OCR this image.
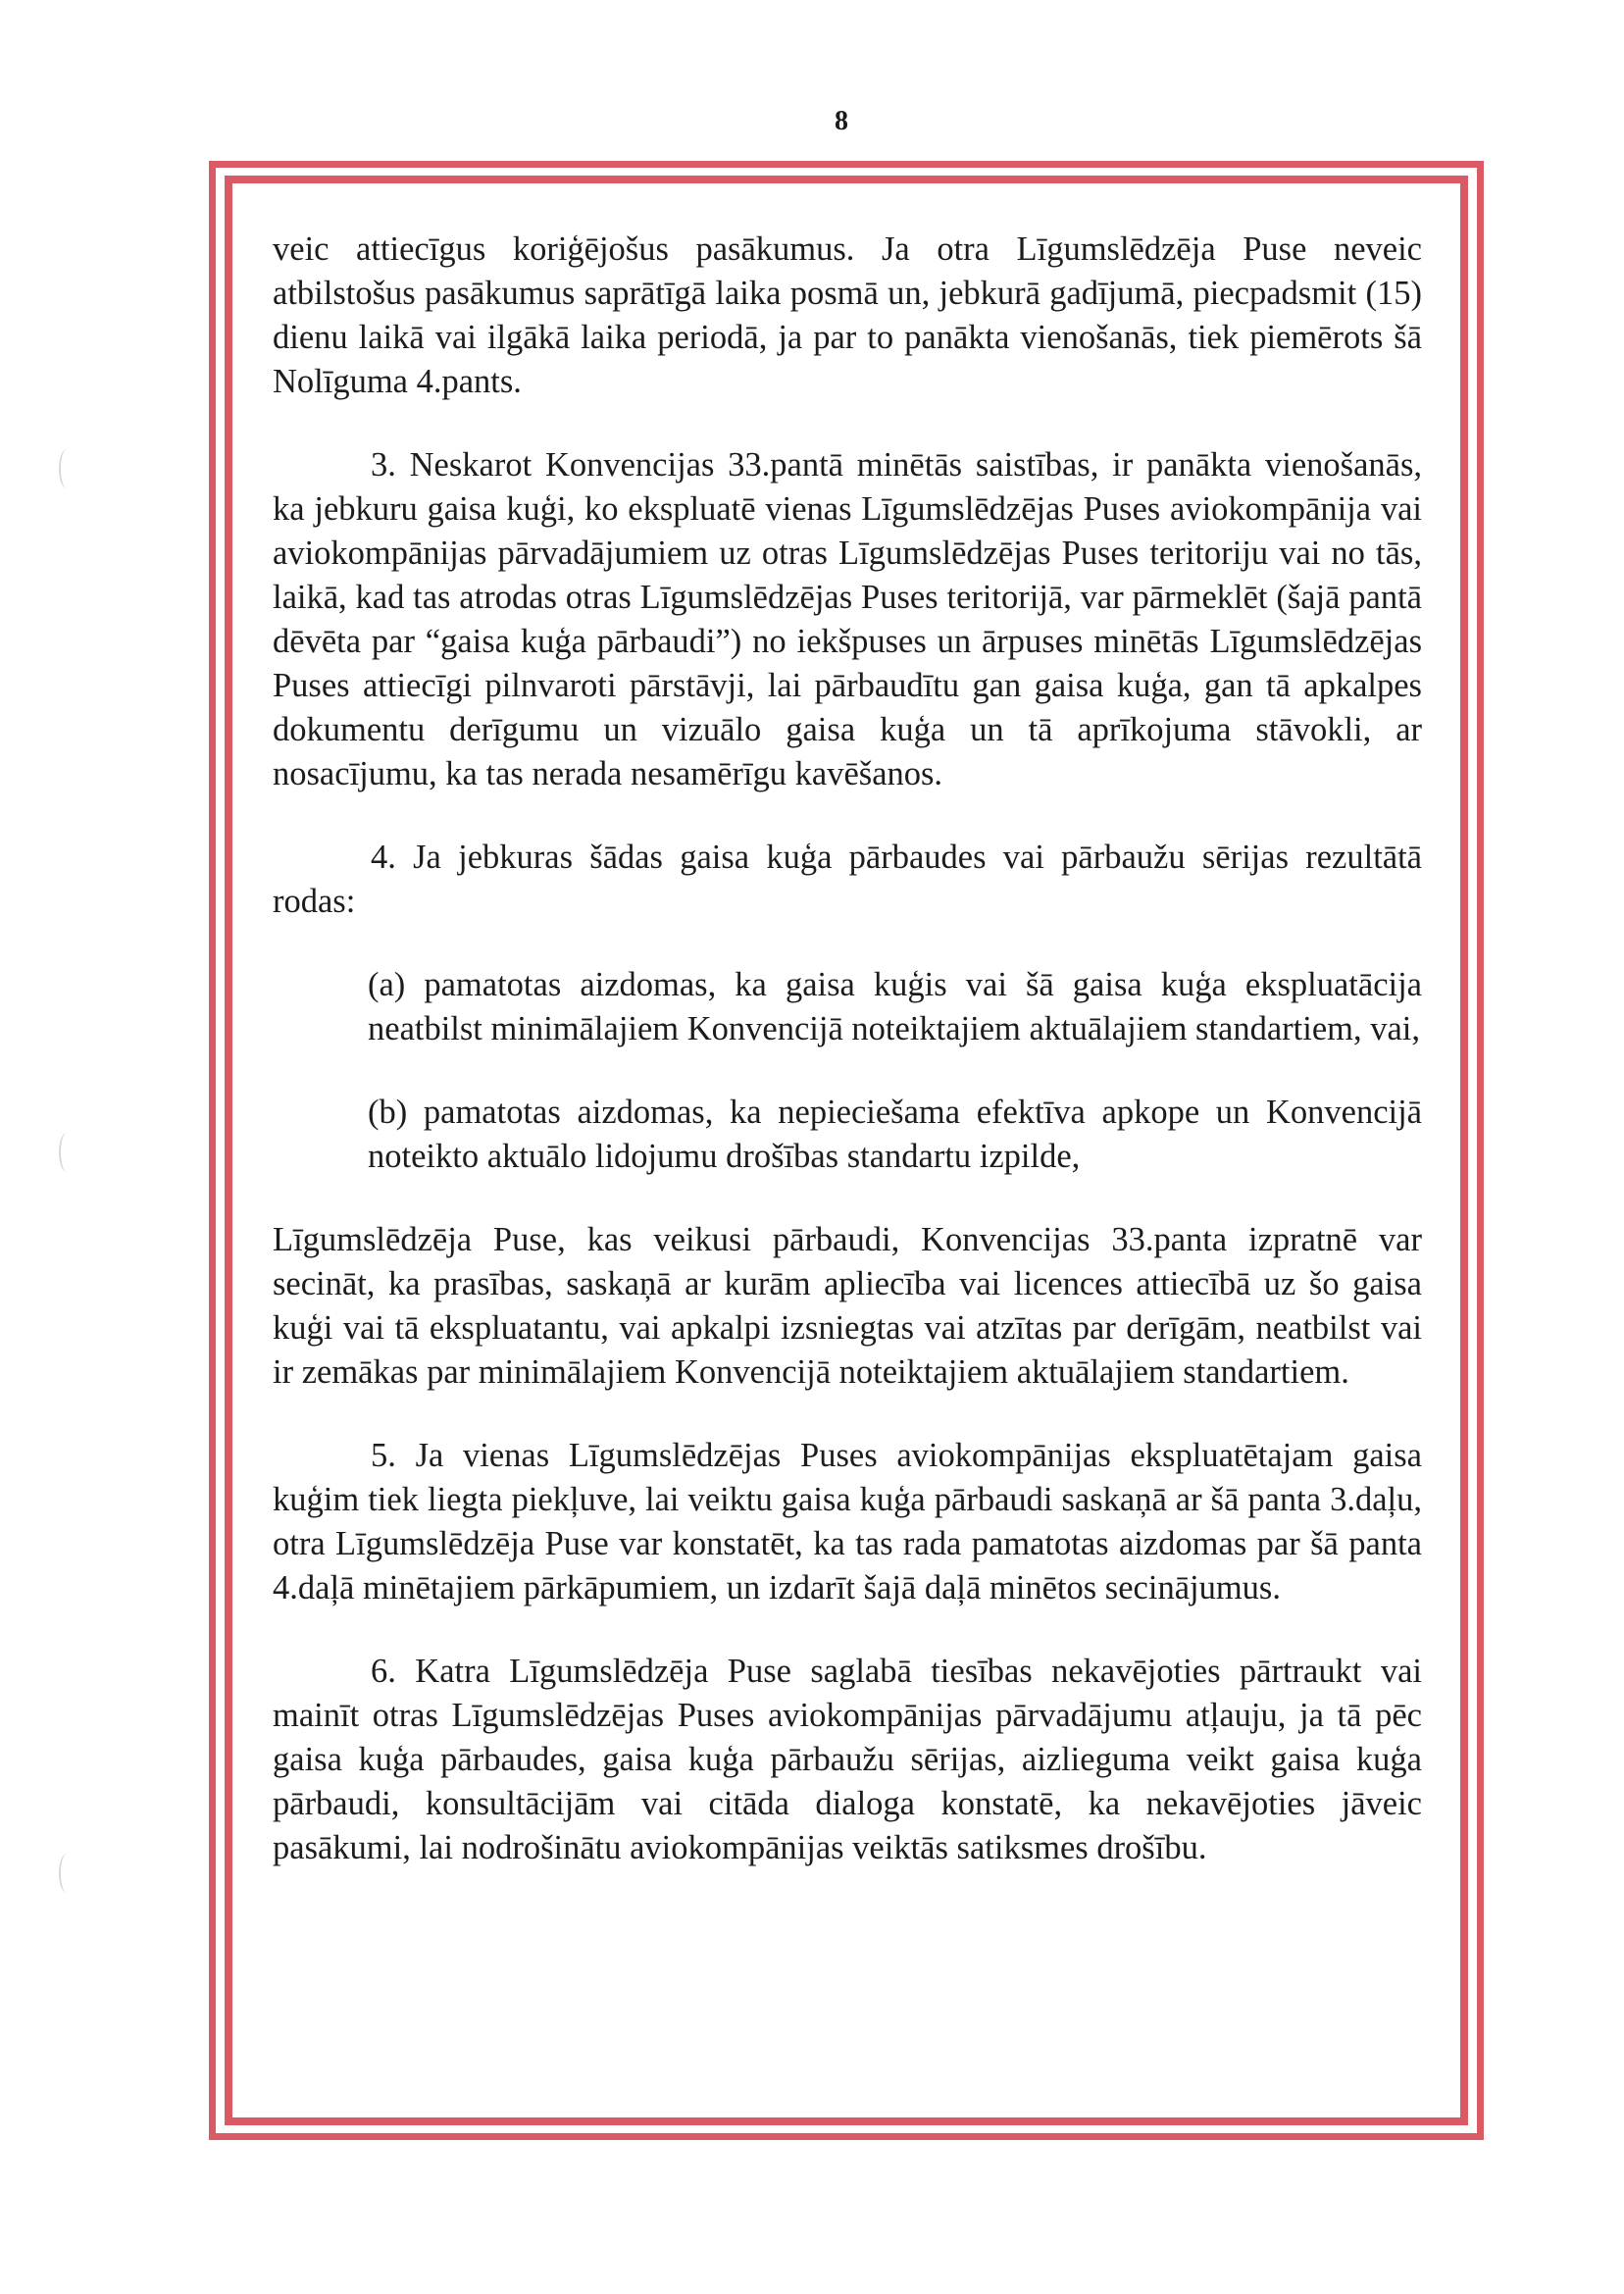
8

veic attiecīgus koriģējošus pasākumus. Ja otra Līgumslēdzēja Puse neveic atbilstošus pasākumus saprātīgā laika posmā un, jebkurā gadījumā, piecpadsmit (15) dienu laikā vai ilgākā laika periodā, ja par to panākta vienošanās, tiek piemērots šā Nolīguma 4.pants.

3. Neskarot Konvencijas 33.pantā minētās saistības, ir panākta vienošanās, ka jebkuru gaisa kuģi, ko ekspluatē vienas Līgumslēdzējas Puses aviokompānija vai aviokompānijas pārvadājumiem uz otras Līgumslēdzējas Puses teritoriju vai no tās, laikā, kad tas atrodas otras Līgumslēdzējas Puses teritorijā, var pārmeklēt (šajā pantā dēvēta par “gaisa kuģa pārbaudi”) no iekšpuses un ārpuses minētās Līgumslēdzējas Puses attiecīgi pilnvaroti pārstāvji, lai pārbaudītu gan gaisa kuģa, gan tā apkalpes dokumentu derīgumu un vizuālo gaisa kuģa un tā aprīkojuma stāvokli, ar nosacījumu, ka tas nerada nesamērīgu kavēšanos.

4. Ja jebkuras šādas gaisa kuģa pārbaudes vai pārbaužu sērijas rezultātā rodas:

(a) pamatotas aizdomas, ka gaisa kuģis vai šā gaisa kuģa ekspluatācija neatbilst minimālajiem Konvencijā noteiktajiem aktuālajiem standartiem, vai,

(b) pamatotas aizdomas, ka nepieciešama efektīva apkope un Konvencijā noteikto aktuālo lidojumu drošības standartu izpilde,

Līgumslēdzēja Puse, kas veikusi pārbaudi, Konvencijas 33.panta izpratnē var secināt, ka prasības, saskaņā ar kurām apliecība vai licences attiecībā uz šo gaisa kuģi vai tā ekspluatantu, vai apkalpi izsniegtas vai atzītas par derīgām, neatbilst vai ir zemākas par minimālajiem Konvencijā noteiktajiem aktuālajiem standartiem.

5. Ja vienas Līgumslēdzējas Puses aviokompānijas ekspluatētajam gaisa kuģim tiek liegta piekļuve, lai veiktu gaisa kuģa pārbaudi saskaņā ar šā panta 3.daļu, otra Līgumslēdzēja Puse var konstatēt, ka tas rada pamatotas aizdomas par šā panta 4.daļā minētajiem pārkāpumiem, un izdarīt šajā daļā minētos secinājumus.

6. Katra Līgumslēdzēja Puse saglabā tiesības nekavējoties pārtraukt vai mainīt otras Līgumslēdzējas Puses aviokompānijas pārvadājumu atļauju, ja tā pēc gaisa kuģa pārbaudes, gaisa kuģa pārbaužu sērijas, aizlieguma veikt gaisa kuģa pārbaudi, konsultācijām vai citāda dialoga konstatē, ka nekavējoties jāveic pasākumi, lai nodrošinātu aviokompānijas veiktās satiksmes drošību.
